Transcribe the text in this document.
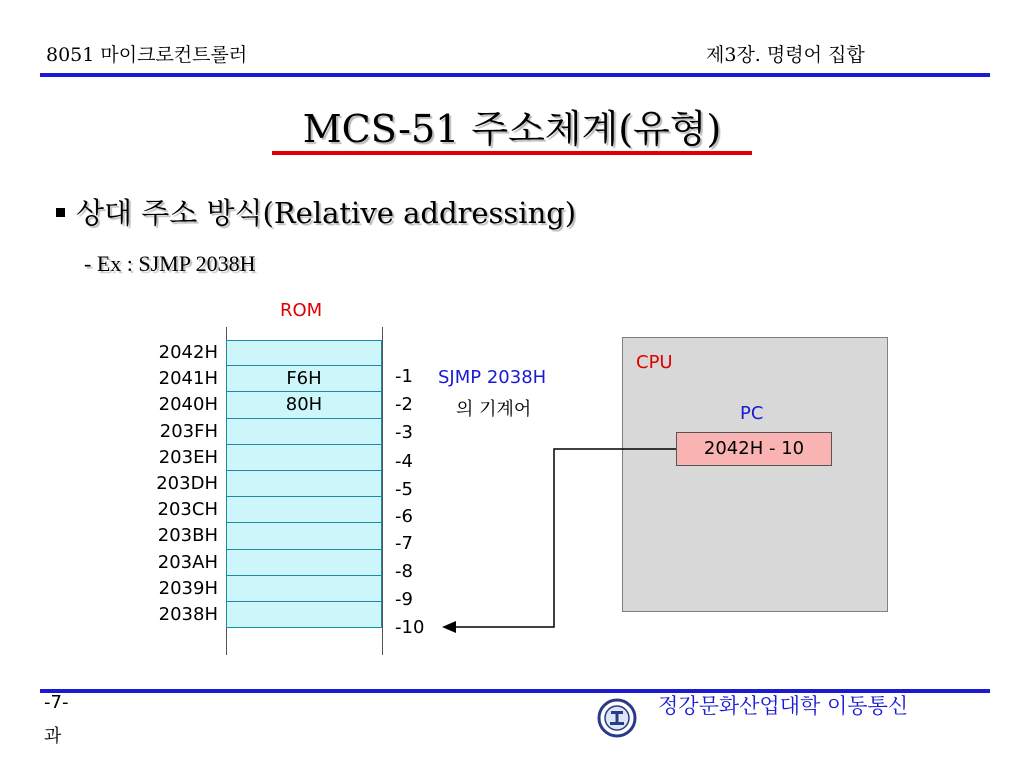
8051 마이크로컨트롤러	제3장. 명령어 집합
MCS-51 주소체계(유형)
상대 주소 방식(Relative addressing)
- Ex : SJMP 2038H
ROM
2042H
2041H
2040H
203FH
203EH
203DH
203CH
203BH
203AH
2039H
2038H
F6H
80H
-1
-2
-3
-4
-5
-6
-7
-8
-9
-10
SJMP 2038H
의 기계어
CPU
PC
2042H - 10
-7-
과
정강문화산업대학 이동통신
